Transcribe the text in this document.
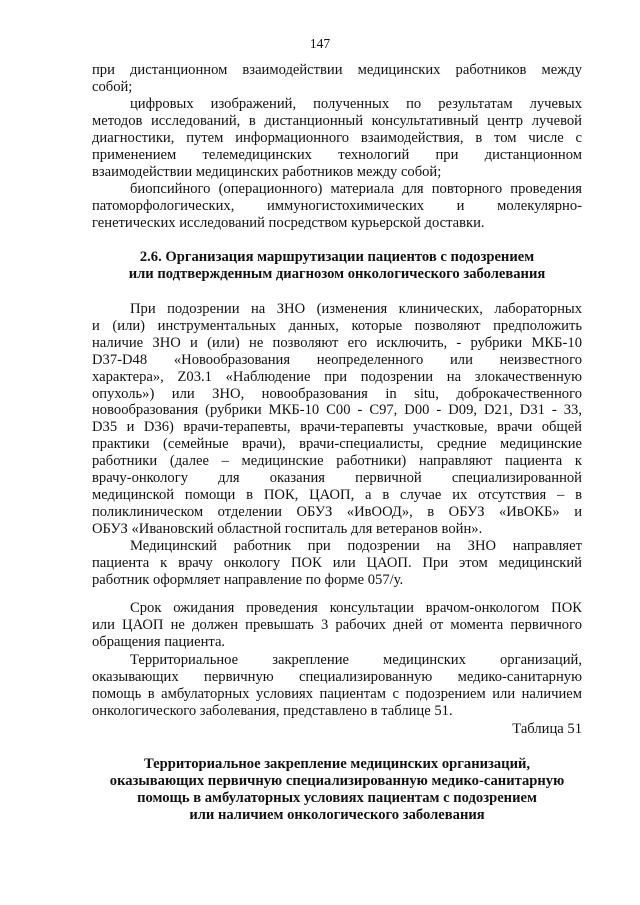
147
при дистанционном взаимодействии медицинских работников между
собой;
цифровых изображений, полученных по результатам лучевых
методов исследований, в дистанционный консультативный центр лучевой
диагностики, путем информационного взаимодействия, в том числе с
применением телемедицинских технологий при дистанционном
взаимодействии медицинских работников между собой;
биопсийного (операционного) материала для повторного проведения
патоморфологических, иммуногистохимических и молекулярно-
генетических исследований посредством курьерской доставки.
2.6. Организация маршрутизации пациентов с подозрением
или подтвержденным диагнозом онкологического заболевания
При подозрении на ЗНО (изменения клинических, лабораторных
и (или) инструментальных данных, которые позволяют предположить
наличие ЗНО и (или) не позволяют его исключить, - рубрики МКБ-10
D37-D48 «Новообразования неопределенного или неизвестного
характера», Z03.1 «Наблюдение при подозрении на злокачественную
опухоль») или ЗНО, новообразования in situ, доброкачественного
новообразования (рубрики МКБ-10 C00 - C97, D00 - D09, D21, D31 - 33,
D35 и D36) врачи-терапевты, врачи-терапевты участковые, врачи общей
практики (семейные врачи), врачи-специалисты, средние медицинские
работники (далее – медицинские работники) направляют пациента к
врачу-онкологу для оказания первичной специализированной
медицинской помощи в ПОК, ЦАОП, а в случае их отсутствия – в
поликлиническом отделении ОБУЗ «ИвООД», в ОБУЗ «ИвОКБ» и
ОБУЗ «Ивановский областной госпиталь для ветеранов войн».
Медицинский работник при подозрении на ЗНО направляет
пациента к врачу онкологу ПОК или ЦАОП. При этом медицинский
работник оформляет направление по форме 057/у.
Срок ожидания проведения консультации врачом-онкологом ПОК
или ЦАОП не должен превышать 3 рабочих дней от момента первичного
обращения пациента.
Территориальное закрепление медицинских организаций,
оказывающих первичную специализированную медико-санитарную
помощь в амбулаторных условиях пациентам с подозрением или наличием
онкологического заболевания, представлено в таблице 51.
Таблица 51
Территориальное закрепление медицинских организаций,
оказывающих первичную специализированную медико-санитарную
помощь в амбулаторных условиях пациентам с подозрением
или наличием онкологического заболевания
